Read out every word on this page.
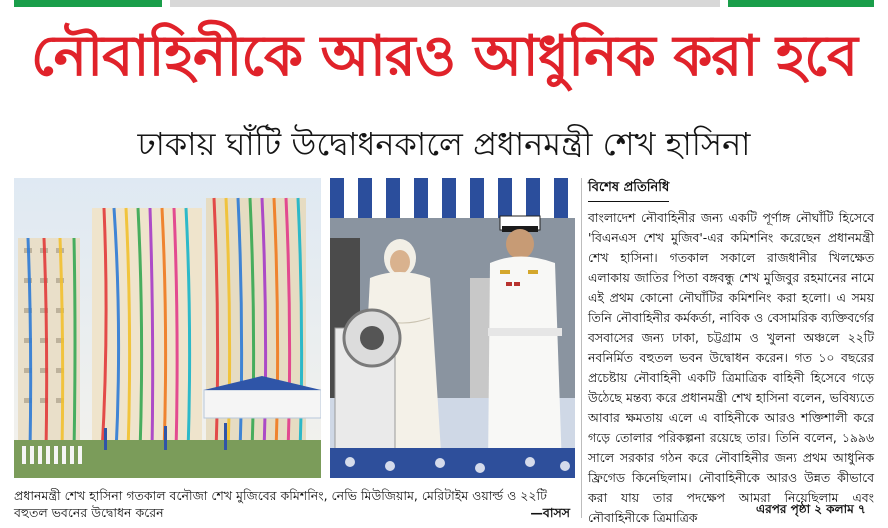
নৌবাহিনীকে আরও আধুনিক করা হবে
ঢাকায় ঘাঁটি উদ্বোধনকালে প্রধানমন্ত্রী শেখ হাসিনা
প্রধানমন্ত্রী শেখ হাসিনা গতকাল বনৌজা শেখ মুজিবের কমিশনিং, নেভি মিউজিয়াম, মেরিটাইম ওয়ার্ল্ড ও ২২টি বহুতল ভবনের উদ্বোধন করেন	—বাসস
বিশেষ প্রতিনিধি
বাংলাদেশ নৌবাহিনীর জন্য একটি পূর্ণাঙ্গ নৌঘাঁটি হিসেবে 'বিএনএস শেখ মুজিব'-এর কমিশনিং করেছেন প্রধানমন্ত্রী শেখ হাসিনা। গতকাল সকালে রাজধানীর খিলক্ষেত এলাকায় জাতির পিতা বঙ্গবন্ধু শেখ মুজিবুর রহমানের নামে এই প্রথম কোনো নৌঘাঁটির কমিশনিং করা হলো। এ সময় তিনি নৌবাহিনীর কর্মকর্তা, নাবিক ও বেসামরিক ব্যক্তিবর্গের বসবাসের জন্য ঢাকা, চট্টগ্রাম ও খুলনা অঞ্চলে ২২টি নবনির্মিত বহুতল ভবন উদ্বোধন করেন। গত ১০ বছরের প্রচেষ্টায় নৌবাহিনী একটি ত্রিমাত্রিক বাহিনী হিসেবে গড়ে উঠেছে মন্তব্য করে প্রধানমন্ত্রী শেখ হাসিনা বলেন, ভবিষ্যতে আবার ক্ষমতায় এলে এ বাহিনীকে আরও শক্তিশালী করে গড়ে তোলার পরিকল্পনা রয়েছে তার। তিনি বলেন, ১৯৯৬ সালে সরকার গঠন করে নৌবাহিনীর জন্য প্রথম আধুনিক ফ্রিগেড কিনেছিলাম। নৌবাহিনীকে আরও উন্নত কীভাবে করা যায় তার পদক্ষেপ আমরা নিয়েছিলাম এবং নৌবাহিনীকে ত্রিমাত্রিক
এরপর পৃষ্ঠা ২ কলাম ৭
